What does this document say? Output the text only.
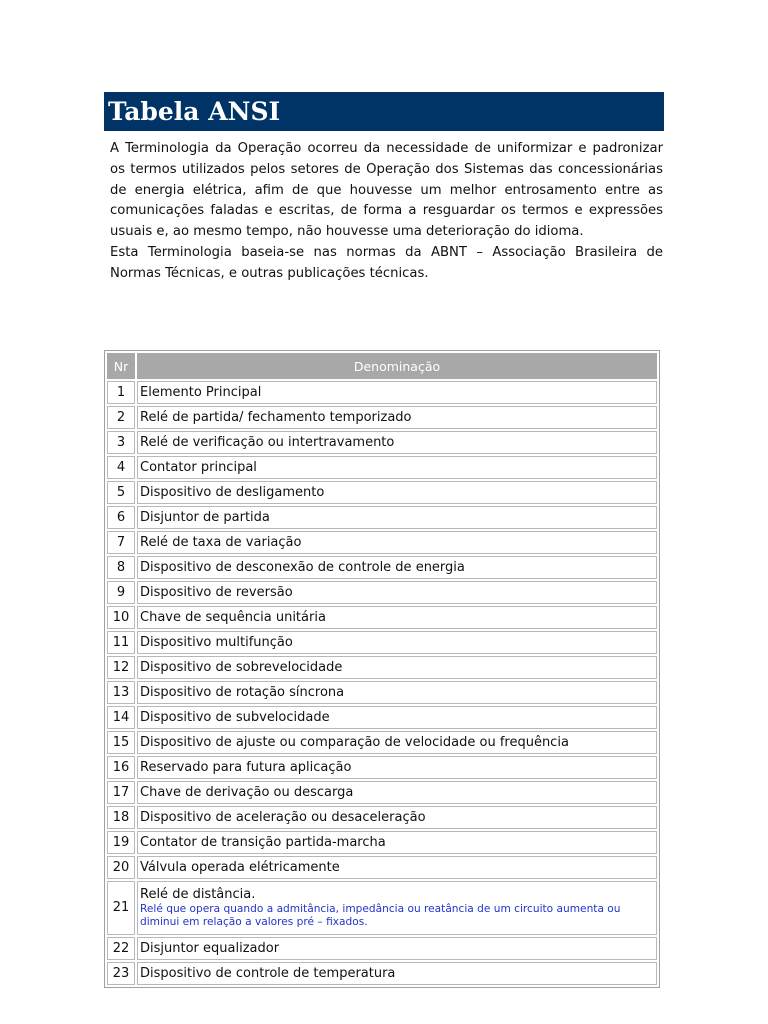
Tabela ANSI

A Terminologia da Operação ocorreu da necessidade de uniformizar e padronizar os termos utilizados pelos setores de Operação dos Sistemas das concessionárias de energia elétrica, afim de que houvesse um melhor entrosamento entre as comunicações faladas e escritas, de forma a resguardar os termos e expressões usuais e, ao mesmo tempo, não houvesse uma deterioração do idioma.

Esta Terminologia baseia-se nas normas da ABNT – Associação Brasileira de Normas Técnicas, e outras publicações técnicas.

Nr	Denominação
1	Elemento Principal
2	Relé de partida/ fechamento temporizado
3	Relé de verificação ou intertravamento
4	Contator principal
5	Dispositivo de desligamento
6	Disjuntor de partida
7	Relé de taxa de variação
8	Dispositivo de desconexão de controle de energia
9	Dispositivo de reversão
10	Chave de sequência unitária
11	Dispositivo multifunção
12	Dispositivo de sobrevelocidade
13	Dispositivo de rotação síncrona
14	Dispositivo de subvelocidade
15	Dispositivo de ajuste ou comparação de velocidade ou frequência
16	Reservado para futura aplicação
17	Chave de derivação ou descarga
18	Dispositivo de aceleração ou desaceleração
19	Contator de transição partida-marcha
20	Válvula operada elétricamente
21	Relé de distância.
Relé que opera quando a admitância, impedância ou reatância de um circuito aumenta ou diminui em relação a valores pré – fixados.

22	Disjuntor equalizador
23	Dispositivo de controle de temperatura
